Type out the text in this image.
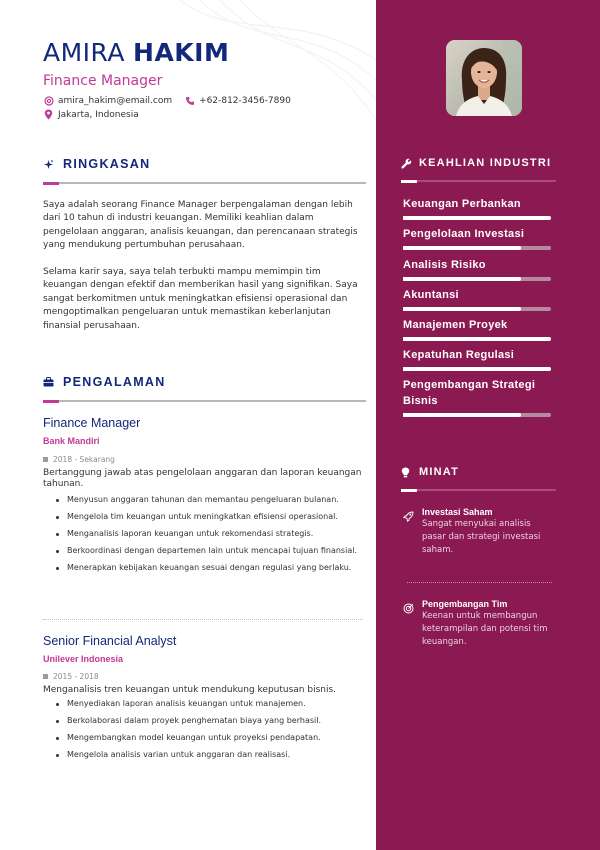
AMIRA HAKIM
Finance Manager
amira_hakim@email.com	+62-812-3456-7890
Jakarta, Indonesia
RINGKASAN
Saya adalah seorang Finance Manager berpengalaman dengan lebih dari 10 tahun di industri keuangan. Memiliki keahlian dalam pengelolaan anggaran, analisis keuangan, dan perencanaan strategis yang mendukung pertumbuhan perusahaan.
Selama karir saya, saya telah terbukti mampu memimpin tim keuangan dengan efektif dan memberikan hasil yang signifikan. Saya sangat berkomitmen untuk meningkatkan efisiensi operasional dan mengoptimalkan pengeluaran untuk memastikan keberlanjutan finansial perusahaan.
PENGALAMAN
Finance Manager
Bank Mandiri
2018 - Sekarang
Bertanggung jawab atas pengelolaan anggaran dan laporan keuangan tahunan.
Menyusun anggaran tahunan dan memantau pengeluaran bulanan.
Mengelola tim keuangan untuk meningkatkan efisiensi operasional.
Menganalisis laporan keuangan untuk rekomendasi strategis.
Berkoordinasi dengan departemen lain untuk mencapai tujuan finansial.
Menerapkan kebijakan keuangan sesuai dengan regulasi yang berlaku.
Senior Financial Analyst
Unilever Indonesia
2015 - 2018
Menganalisis tren keuangan untuk mendukung keputusan bisnis.
Menyediakan laporan analisis keuangan untuk manajemen.
Berkolaborasi dalam proyek penghematan biaya yang berhasil.
Mengembangkan model keuangan untuk proyeksi pendapatan.
Mengelola analisis varian untuk anggaran dan realisasi.
KEAHLIAN INDUSTRI
Keuangan Perbankan
Pengelolaan Investasi
Analisis Risiko
Akuntansi
Manajemen Proyek
Kepatuhan Regulasi
Pengembangan Strategi Bisnis
MINAT
Investasi Saham
Sangat menyukai analisis pasar dan strategi investasi saham.
Pengembangan Tim
Keenan untuk membangun keterampilan dan potensi tim keuangan.
